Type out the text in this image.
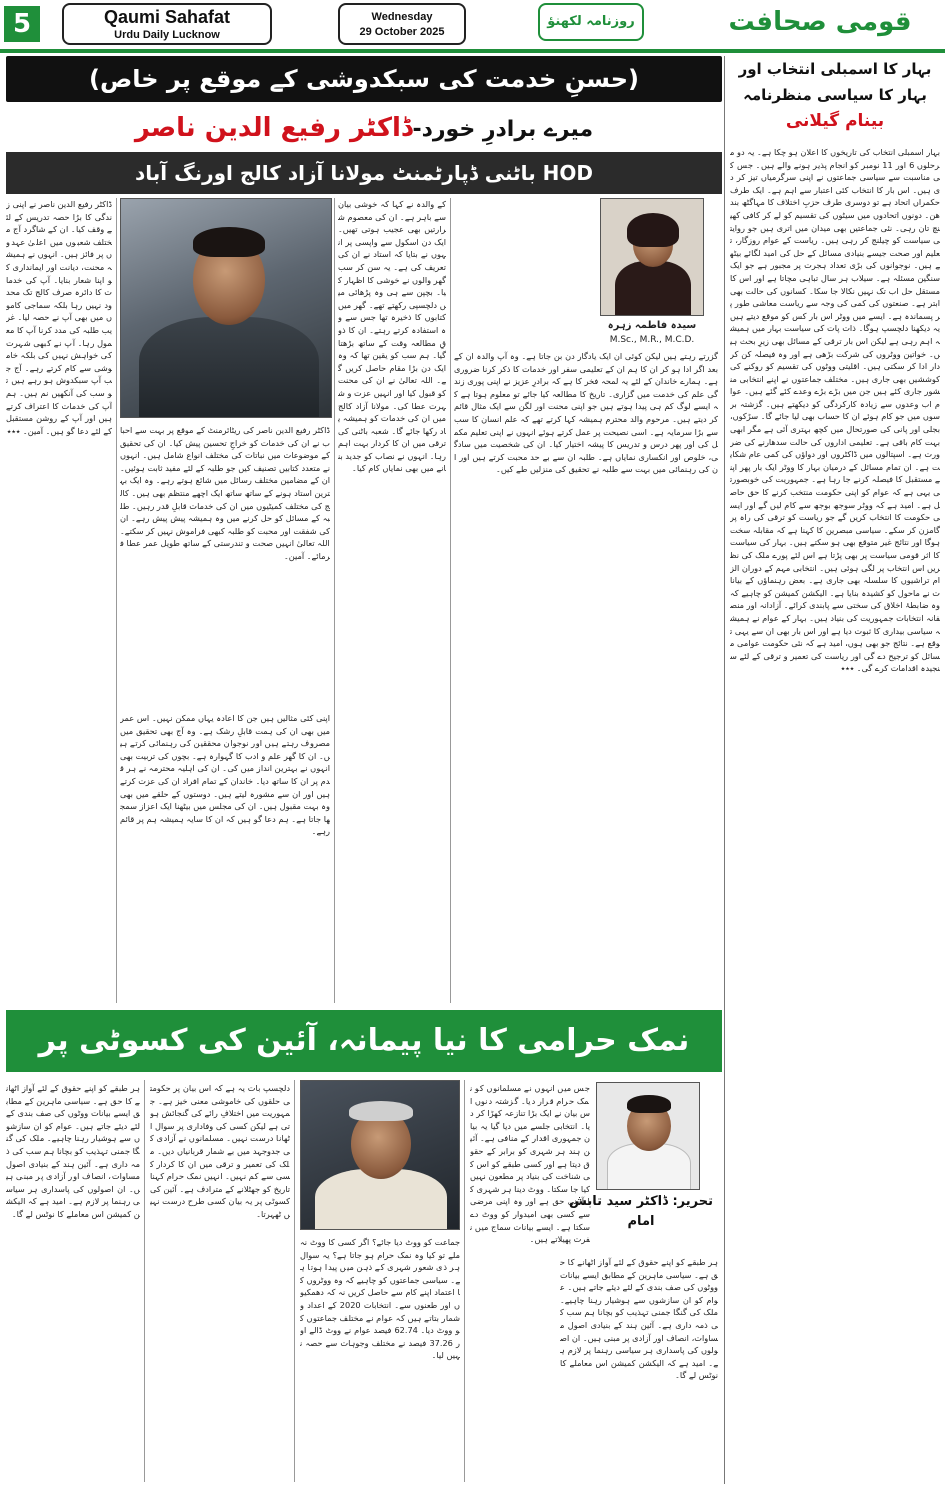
5	Qaumi Sahafat
Urdu Daily Lucknow
Wednesday
29 October 2025
روزنامہ لکھنؤ	قومی صحافت
(حسنِ خدمت کی سبکدوشی کے موقع پر خاص)
میرے برادرِ خورد-ڈاکٹر رفیع الدین ناصر
HOD باٹنی ڈپارٹمنٹ مولانا آزاد کالج اورنگ آباد
بہار کا اسمبلی انتخاب اور بہار کا سیاسی منظرنامہ
بینام گیلانی
بہار اسمبلی انتخاب کی تاریخوں کا اعلان ہو چکا ہے۔ یہ دو مرحلوں 6 اور 11 نومبر کو انجام پذیر ہونے والے ہیں۔ جس کی مناسبت سے سیاسی جماعتوں نے اپنی سرگرمیاں تیز کر دی ہیں۔ اس بار کا انتخاب کئی اعتبار سے اہم ہے۔ ایک طرف حکمراں اتحاد ہے تو دوسری طرف حزبِ اختلاف کا مہاگٹھ بندھن۔ دونوں اتحادوں میں سیٹوں کی تقسیم کو لے کر کافی کھینچ تان رہی۔ نئی جماعتیں بھی میدان میں اتری ہیں جو روایتی سیاست کو چیلنج کر رہی ہیں۔ ریاست کے عوام روزگار، تعلیم اور صحت جیسے بنیادی مسائل کے حل کی امید لگائے بیٹھے ہیں۔ نوجوانوں کی بڑی تعداد ہجرت پر مجبور ہے جو ایک سنگین مسئلہ ہے۔ سیلاب ہر سال تباہی مچاتا ہے اور اس کا مستقل حل اب تک نہیں نکالا جا سکا۔ کسانوں کی حالت بھی ابتر ہے۔ صنعتوں کی کمی کی وجہ سے ریاست معاشی طور پر پسماندہ ہے۔ ایسے میں ووٹر اس بار کس کو موقع دیتے ہیں یہ دیکھنا دلچسپ ہوگا۔ ذات پات کی سیاست بہار میں ہمیشہ اہم رہی ہے لیکن اس بار ترقی کے مسائل بھی زیرِ بحث ہیں۔ خواتین ووٹروں کی شرکت بڑھی ہے اور وہ فیصلہ کن کردار ادا کر سکتی ہیں۔ اقلیتی ووٹوں کی تقسیم کو روکنے کی کوششیں بھی جاری ہیں۔ مختلف جماعتوں نے اپنے انتخابی منشور جاری کئے ہیں جن میں بڑے بڑے وعدے کئے گئے ہیں۔ عوام اب وعدوں سے زیادہ کارکردگی کو دیکھتے ہیں۔ گزشتہ برسوں میں جو کام ہوئے ان کا حساب بھی لیا جائے گا۔ سڑکوں، بجلی اور پانی کی صورتحال میں کچھ بہتری آئی ہے مگر ابھی بہت کام باقی ہے۔ تعلیمی اداروں کی حالت سدھارنے کی ضرورت ہے۔ اسپتالوں میں ڈاکٹروں اور دواؤں کی کمی عام شکایت ہے۔ ان تمام مسائل کے درمیان بہار کا ووٹر ایک بار پھر اپنے مستقبل کا فیصلہ کرنے جا رہا ہے۔ جمہوریت کی خوبصورتی یہی ہے کہ عوام کو اپنی حکومت منتخب کرنے کا حق حاصل ہے۔ امید ہے کہ ووٹر سوجھ بوجھ سے کام لیں گے اور ایسی حکومت کا انتخاب کریں گے جو ریاست کو ترقی کی راہ پر گامزن کر سکے۔ سیاسی مبصرین کا کہنا ہے کہ مقابلہ سخت ہوگا اور نتائج غیر متوقع بھی ہو سکتے ہیں۔ بہار کی سیاست کا اثر قومی سیاست پر بھی پڑتا ہے اس لئے پورے ملک کی نظریں اس انتخاب پر لگی ہوئی ہیں۔ انتخابی مہم کے دوران الزام تراشیوں کا سلسلہ بھی جاری ہے۔ بعض رہنماؤں کے بیانات نے ماحول کو کشیدہ بنایا ہے۔ الیکشن کمیشن کو چاہیے کہ وہ ضابطۂ اخلاق کی سختی سے پابندی کرائے۔ آزادانہ اور منصفانہ انتخابات جمہوریت کی بنیاد ہیں۔ بہار کے عوام نے ہمیشہ سیاسی بیداری کا ثبوت دیا ہے اور اس بار بھی ان سے یہی توقع ہے۔ نتائج جو بھی ہوں، امید ہے کہ نئی حکومت عوامی مسائل کو ترجیح دے گی اور ریاست کی تعمیر و ترقی کے لئے سنجیدہ اقدامات کرے گی۔ ٭٭٭
سیدہ فاطمہ زہرہ
M.Sc., M.R., M.C.D.
گزرتے رہتے ہیں لیکن کوئی ان ایک یادگار دن بن جاتا ہے۔ وہ آپ والدہ ان کے بعد اگر ادا ہو کر ان کا ہم ان کے تعلیمی سفر اور خدمات کا ذکر کرنا ضروری ہے۔ ہمارے خاندان کے لئے یہ لمحہ فخر کا ہے کہ برادرِ عزیز نے اپنی پوری زندگی علم کی خدمت میں گزاری۔ تاریخ کا مطالعہ کیا جائے تو معلوم ہوتا ہے کہ ایسے لوگ کم ہی پیدا ہوتے ہیں جو اپنی محنت اور لگن سے ایک مثال قائم کر دیتے ہیں۔ مرحوم والد محترم ہمیشہ کہا کرتے تھے کہ علم انسان کا سب سے بڑا سرمایہ ہے۔ اسی نصیحت پر عمل کرتے ہوئے انہوں نے اپنی تعلیم مکمل کی اور پھر درس و تدریس کا پیشہ اختیار کیا۔ ان کی شخصیت میں سادگی، خلوص اور انکساری نمایاں ہے۔ طلبہ ان سے بے حد محبت کرتے ہیں اور ان کی رہنمائی میں بہت سے طلبہ نے تحقیق کی منزلیں طے کیں۔
کے والدہ نے کہا کہ خوشی بیان سے باہر ہے۔ ان کی معصوم شرارتیں بھی عجیب ہوتی تھیں۔ ایک دن اسکول سے واپسی پر انہوں نے بتایا کہ استاد نے ان کی تعریف کی ہے۔ یہ سن کر سب گھر والوں نے خوشی کا اظہار کیا۔ بچپن سے ہی وہ پڑھائی میں دلچسپی رکھتے تھے۔ گھر میں کتابوں کا ذخیرہ تھا جس سے وہ استفادہ کرتے رہتے۔ ان کا ذوقِ مطالعہ وقت کے ساتھ بڑھتا گیا۔ ہم سب کو یقین تھا کہ وہ ایک دن بڑا مقام حاصل کریں گے۔ اللہ تعالیٰ نے ان کی محنت کو قبول کیا اور انہیں عزت و شہرت عطا کی۔ مولانا آزاد کالج میں ان کی خدمات کو ہمیشہ یاد رکھا جائے گا۔ شعبہ باٹنی کی ترقی میں ان کا کردار بہت اہم رہا۔ انہوں نے نصاب کو جدید بنانے میں بھی نمایاں کام کیا۔
ڈاکٹر رفیع الدین ناصر کی ریٹائرمنٹ کے موقع پر بہت سے احباب نے ان کی خدمات کو خراجِ تحسین پیش کیا۔ ان کی تحقیق کے موضوعات میں نباتات کی مختلف انواع شامل ہیں۔ انہوں نے متعدد کتابیں تصنیف کیں جو طلبہ کے لئے مفید ثابت ہوئیں۔ ان کے مضامین مختلف رسائل میں شائع ہوتے رہے۔ وہ ایک بہترین استاد ہونے کے ساتھ ساتھ ایک اچھے منتظم بھی ہیں۔ کالج کی مختلف کمیٹیوں میں ان کی خدمات قابلِ قدر رہیں۔ طلبہ کے مسائل کو حل کرنے میں وہ ہمیشہ پیش پیش رہے۔ ان کی شفقت اور محبت کو طلبہ کبھی فراموش نہیں کر سکتے۔ اللہ تعالیٰ انہیں صحت و تندرستی کے ساتھ طویل عمر عطا فرمائے۔ آمین۔
اپنی کئی مثالیں ہیں جن کا اعادہ یہاں ممکن نہیں۔ اس عمر میں بھی ان کی ہمت قابلِ رشک ہے۔ وہ آج بھی تحقیق میں مصروف رہتے ہیں اور نوجوان محققین کی رہنمائی کرتے ہیں۔ ان کا گھر علم و ادب کا گہوارہ ہے۔ بچوں کی تربیت بھی انہوں نے بہترین انداز میں کی۔ ان کی اہلیہ محترمہ نے ہر قدم پر ان کا ساتھ دیا۔ خاندان کے تمام افراد ان کی عزت کرتے ہیں اور ان سے مشورہ لیتے ہیں۔ دوستوں کے حلقے میں بھی وہ بہت مقبول ہیں۔ ان کی مجلس میں بیٹھنا ایک اعزاز سمجھا جاتا ہے۔ ہم دعا گو ہیں کہ ان کا سایہ ہمیشہ ہم پر قائم رہے۔
ڈاکٹر رفیع الدین ناصر نے اپنی زندگی کا بڑا حصہ تدریس کے لئے وقف کیا۔ ان کے شاگرد آج مختلف شعبوں میں اعلیٰ عہدوں پر فائز ہیں۔ انہوں نے ہمیشہ محنت، دیانت اور ایمانداری کو اپنا شعار بنایا۔ آپ کی خدمات کا دائرہ صرف کالج تک محدود نہیں رہا بلکہ سماجی کاموں میں بھی آپ نے حصہ لیا۔ غریب طلبہ کی مدد کرنا آپ کا معمول رہا۔ آپ نے کبھی شہرت کی خواہش نہیں کی بلکہ خاموشی سے کام کرتے رہے۔ آج جب آپ سبکدوش ہو رہے ہیں تو سب کی آنکھیں نم ہیں۔ ہم آپ کی خدمات کا اعتراف کرتے ہیں اور آپ کے روشن مستقبل کے لئے دعا گو ہیں۔ آمین۔ ٭٭٭
نمک حرامی کا نیا پیمانہ، آئین کی کسوٹی پر
تحریر: ڈاکٹر سید تابش امام
جس میں انہوں نے مسلمانوں کو نمک حرام قرار دیا۔ گزشتہ دنوں اس بیان نے ایک بڑا تنازعہ کھڑا کر دیا۔ انتخابی جلسے میں دیا گیا یہ بیان جمہوری اقدار کے منافی ہے۔ آئین ہند ہر شہری کو برابر کے حقوق دیتا ہے اور کسی طبقے کو اس کی شناخت کی بنیاد پر مطعون نہیں کیا جا سکتا۔ ووٹ دینا ہر شہری کا آئینی حق ہے اور وہ اپنی مرضی سے کسی بھی امیدوار کو ووٹ دے سکتا ہے۔ ایسے بیانات سماج میں نفرت پھیلاتے ہیں۔
ہر طبقے کو اپنے حقوق کے لئے آواز اٹھانے کا حق ہے۔ سیاسی ماہرین کے مطابق ایسے بیانات ووٹوں کی صف بندی کے لئے دیئے جاتے ہیں۔ عوام کو ان سازشوں سے ہوشیار رہنا چاہیے۔ ملک کی گنگا جمنی تہذیب کو بچانا ہم سب کی ذمہ داری ہے۔ آئین ہند کے بنیادی اصول مساوات، انصاف اور آزادی پر مبنی ہیں۔ ان اصولوں کی پاسداری ہر سیاسی رہنما پر لازم ہے۔ امید ہے کہ الیکشن کمیشن اس معاملے کا نوٹس لے گا۔
جماعت کو ووٹ دیا جائے؟ اگر کسی کا ووٹ نہ ملے تو کیا وہ نمک حرام ہو جاتا ہے؟ یہ سوال ہر ذی شعور شہری کے ذہن میں پیدا ہوتا ہے۔ سیاسی جماعتوں کو چاہیے کہ وہ ووٹروں کا اعتماد اپنے کام سے حاصل کریں نہ کہ دھمکیوں اور طعنوں سے۔ انتخابات 2020 کے اعداد و شمار بتاتے ہیں کہ عوام نے مختلف جماعتوں کو ووٹ دیا۔ 62.74 فیصد عوام نے ووٹ ڈالے اور 37.26 فیصد نے مختلف وجوہات سے حصہ نہیں لیا۔
دلچسپ بات یہ ہے کہ اس بیان پر حکومتی حلقوں کی خاموشی معنی خیز ہے۔ جمہوریت میں اختلافِ رائے کی گنجائش ہوتی ہے لیکن کسی کی وفاداری پر سوال اٹھانا درست نہیں۔ مسلمانوں نے آزادی کی جدوجہد میں بے شمار قربانیاں دیں۔ ملک کی تعمیر و ترقی میں ان کا کردار کسی سے کم نہیں۔ انہیں نمک حرام کہنا تاریخ کو جھٹلانے کے مترادف ہے۔ آئین کی کسوٹی پر یہ بیان کسی طرح درست نہیں ٹھہرتا۔
ہر طبقے کو اپنے حقوق کے لئے آواز اٹھانے کا حق ہے۔ سیاسی ماہرین کے مطابق ایسے بیانات ووٹوں کی صف بندی کے لئے دیئے جاتے ہیں۔ عوام کو ان سازشوں سے ہوشیار رہنا چاہیے۔ ملک کی گنگا جمنی تہذیب کو بچانا ہم سب کی ذمہ داری ہے۔ آئین ہند کے بنیادی اصول مساوات، انصاف اور آزادی پر مبنی ہیں۔ ان اصولوں کی پاسداری ہر سیاسی رہنما پر لازم ہے۔ امید ہے کہ الیکشن کمیشن اس معاملے کا نوٹس لے گا۔
